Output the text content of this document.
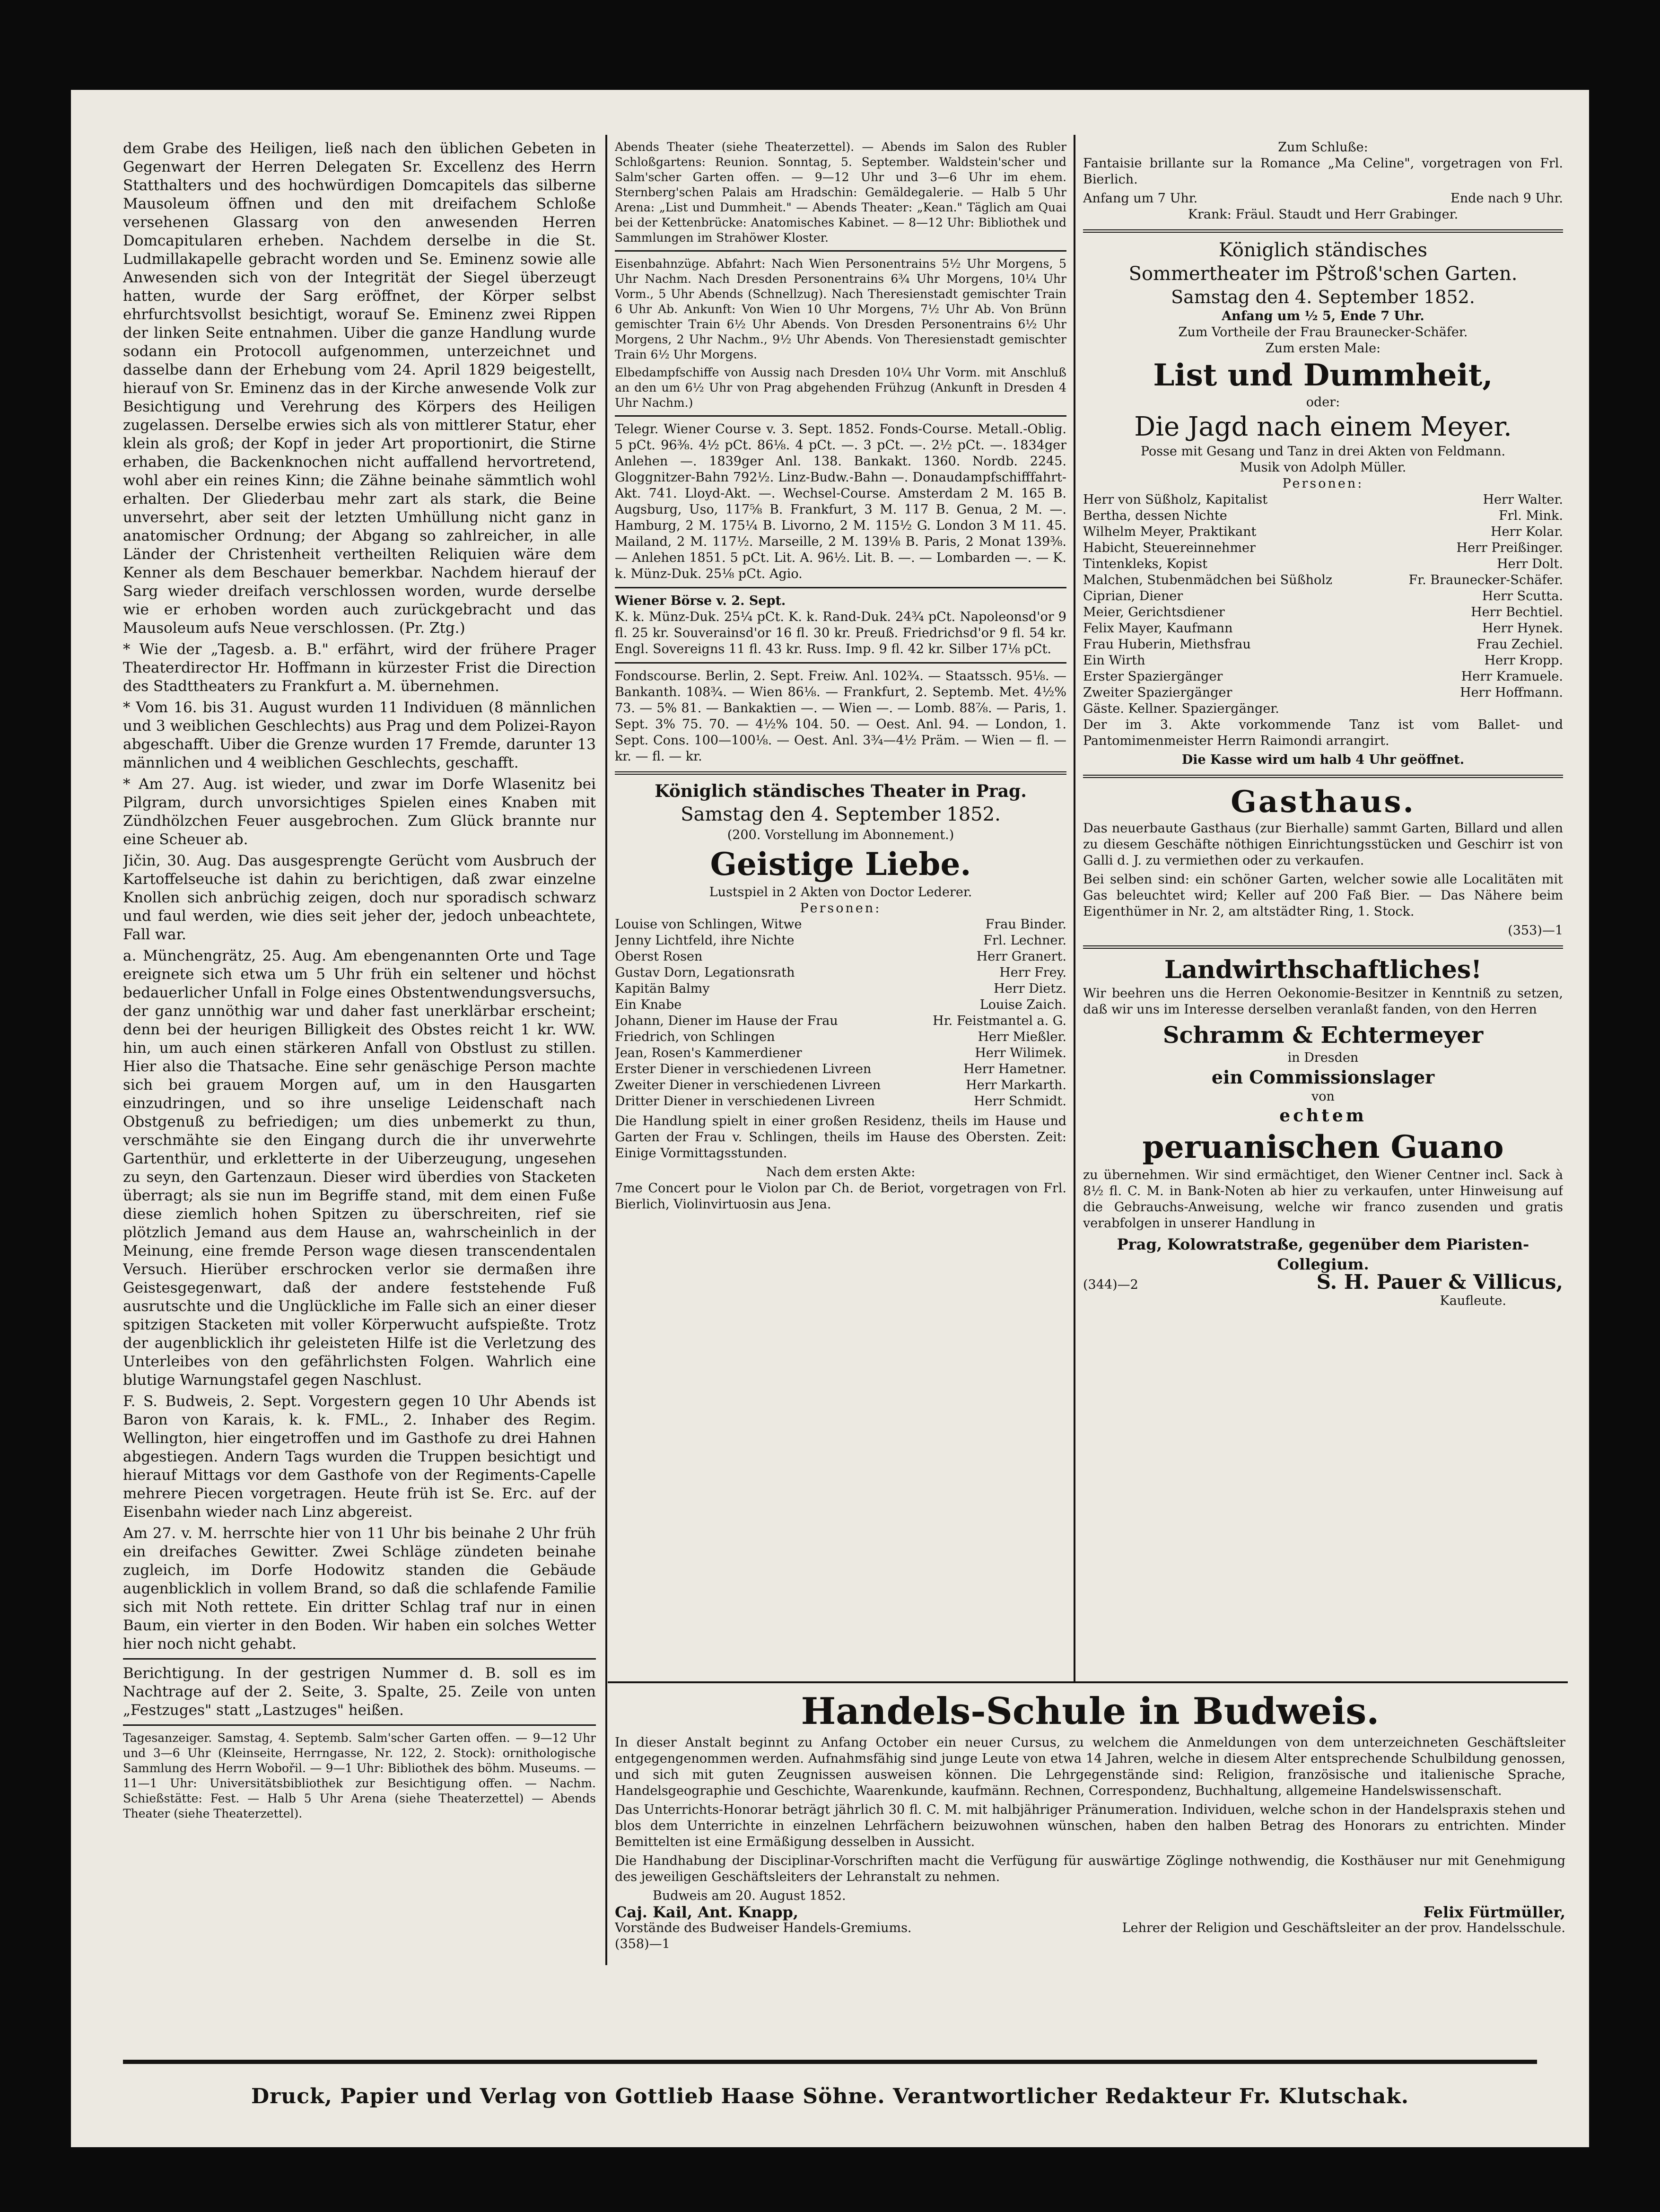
dem Grabe des Heiligen, ließ nach den üblichen Gebeten in Gegenwart der Herren Delegaten Sr. Excellenz des Herrn Statthalters und des hochwürdigen Domcapitels das silberne Mausoleum öffnen und den mit dreifachem Schloße versehenen Glassarg von den anwesenden Herren Domcapitularen erheben. Nachdem derselbe in die St. Ludmillakapelle gebracht worden und Se. Eminenz sowie alle Anwesenden sich von der Integrität der Siegel überzeugt hatten, wurde der Sarg eröffnet, der Körper selbst ehrfurchtsvollst besichtigt, worauf Se. Eminenz zwei Rippen der linken Seite entnahmen. Uiber die ganze Handlung wurde sodann ein Protocoll aufgenommen, unterzeichnet und dasselbe dann der Erhebung vom 24. April 1829 beigestellt, hierauf von Sr. Eminenz das in der Kirche anwesende Volk zur Besichtigung und Verehrung des Körpers des Heiligen zugelassen. Derselbe erwies sich als von mittlerer Statur, eher klein als groß; der Kopf in jeder Art proportionirt, die Stirne erhaben, die Backenknochen nicht auffallend hervortretend, wohl aber ein reines Kinn; die Zähne beinahe sämmtlich wohl erhalten. Der Gliederbau mehr zart als stark, die Beine unversehrt, aber seit der letzten Umhüllung nicht ganz in anatomischer Ordnung; der Abgang so zahlreicher, in alle Länder der Christenheit vertheilten Reliquien wäre dem Kenner als dem Beschauer bemerkbar. Nachdem hierauf der Sarg wieder dreifach verschlossen worden, wurde derselbe wie er erhoben worden auch zurückgebracht und das Mausoleum aufs Neue verschlossen. (Pr. Ztg.)

* Wie der „Tagesb. a. B." erfährt, wird der frühere Prager Theaterdirector Hr. Hoffmann in kürzester Frist die Direction des Stadttheaters zu Frankfurt a. M. übernehmen.

* Vom 16. bis 31. August wurden 11 Individuen (8 männlichen und 3 weiblichen Geschlechts) aus Prag und dem Polizei-Rayon abgeschafft. Uiber die Grenze wurden 17 Fremde, darunter 13 männlichen und 4 weiblichen Geschlechts, geschafft.

* Am 27. Aug. ist wieder, und zwar im Dorfe Wlasenitz bei Pilgram, durch unvorsichtiges Spielen eines Knaben mit Zündhölzchen Feuer ausgebrochen. Zum Glück brannte nur eine Scheuer ab.

Jičin, 30. Aug. Das ausgesprengte Gerücht vom Ausbruch der Kartoffelseuche ist dahin zu berichtigen, daß zwar einzelne Knollen sich anbrüchig zeigen, doch nur sporadisch schwarz und faul werden, wie dies seit jeher der, jedoch unbeachtete, Fall war.

a. Münchengrätz, 25. Aug. Am ebengenannten Orte und Tage ereignete sich etwa um 5 Uhr früh ein seltener und höchst bedauerlicher Unfall in Folge eines Obstentwendungsversuchs, der ganz unnöthig war und daher fast unerklärbar erscheint; denn bei der heurigen Billigkeit des Obstes reicht 1 kr. WW. hin, um auch einen stärkeren Anfall von Obstlust zu stillen. Hier also die Thatsache. Eine sehr genäschige Person machte sich bei grauem Morgen auf, um in den Hausgarten einzudringen, und so ihre unselige Leidenschaft nach Obstgenuß zu befriedigen; um dies unbemerkt zu thun, verschmähte sie den Eingang durch die ihr unverwehrte Gartenthür, und erkletterte in der Uiberzeugung, ungesehen zu seyn, den Gartenzaun. Dieser wird überdies von Stacketen überragt; als sie nun im Begriffe stand, mit dem einen Fuße diese ziemlich hohen Spitzen zu überschreiten, rief sie plötzlich Jemand aus dem Hause an, wahrscheinlich in der Meinung, eine fremde Person wage diesen transcendentalen Versuch. Hierüber erschrocken verlor sie dermaßen ihre Geistesgegenwart, daß der andere feststehende Fuß ausrutschte und die Unglückliche im Falle sich an einer dieser spitzigen Stacketen mit voller Körperwucht aufspießte. Trotz der augenblicklich ihr geleisteten Hilfe ist die Verletzung des Unterleibes von den gefährlichsten Folgen. Wahrlich eine blutige Warnungstafel gegen Naschlust.

F. S. Budweis, 2. Sept. Vorgestern gegen 10 Uhr Abends ist Baron von Karais, k. k. FML., 2. Inhaber des Regim. Wellington, hier eingetroffen und im Gasthofe zu drei Hahnen abgestiegen. Andern Tags wurden die Truppen besichtigt und hierauf Mittags vor dem Gasthofe von der Regiments-Capelle mehrere Piecen vorgetragen. Heute früh ist Se. Erc. auf der Eisenbahn wieder nach Linz abgereist.

Am 27. v. M. herrschte hier von 11 Uhr bis beinahe 2 Uhr früh ein dreifaches Gewitter. Zwei Schläge zündeten beinahe zugleich, im Dorfe Hodowitz standen die Gebäude augenblicklich in vollem Brand, so daß die schlafende Familie sich mit Noth rettete. Ein dritter Schlag traf nur in einen Baum, ein vierter in den Boden. Wir haben ein solches Wetter hier noch nicht gehabt.

Berichtigung. In der gestrigen Nummer d. B. soll es im Nachtrage auf der 2. Seite, 3. Spalte, 25. Zeile von unten „Festzuges" statt „Lastzuges" heißen.

Tagesanzeiger. Samstag, 4. Septemb. Salm'scher Garten offen. — 9—12 Uhr und 3—6 Uhr (Kleinseite, Herrngasse, Nr. 122, 2. Stock): ornithologische Sammlung des Herrn Wobořil. — 9—1 Uhr: Bibliothek des böhm. Museums. — 11—1 Uhr: Universitätsbibliothek zur Besichtigung offen. — Nachm. Schießstätte: Fest. — Halb 5 Uhr Arena (siehe Theaterzettel) — Abends Theater (siehe Theaterzettel).

Abends Theater (siehe Theaterzettel). — Abends im Salon des Rubler Schloßgartens: Reunion. Sonntag, 5. September. Waldstein'scher und Salm'scher Garten offen. — 9—12 Uhr und 3—6 Uhr im ehem. Sternberg'schen Palais am Hradschin: Gemäldegalerie. — Halb 5 Uhr Arena: „List und Dummheit." — Abends Theater: „Kean." Täglich am Quai bei der Kettenbrücke: Anatomisches Kabinet. — 8—12 Uhr: Bibliothek und Sammlungen im Strahöwer Kloster.

Eisenbahnzüge. Abfahrt: Nach Wien Personentrains 5½ Uhr Morgens, 5 Uhr Nachm. Nach Dresden Personentrains 6¾ Uhr Morgens, 10¼ Uhr Vorm., 5 Uhr Abends (Schnellzug). Nach Theresienstadt gemischter Train 6 Uhr Ab. Ankunft: Von Wien 10 Uhr Morgens, 7½ Uhr Ab. Von Brünn gemischter Train 6½ Uhr Abends. Von Dresden Personentrains 6½ Uhr Morgens, 2 Uhr Nachm., 9½ Uhr Abends. Von Theresienstadt gemischter Train 6½ Uhr Morgens.

Elbedampfschiffe von Aussig nach Dresden 10¼ Uhr Vorm. mit Anschluß an den um 6½ Uhr von Prag abgehenden Frühzug (Ankunft in Dresden 4 Uhr Nachm.)

Telegr. Wiener Course v. 3. Sept. 1852. Fonds-Course. Metall.-Oblig. 5 pCt. 96⅜. 4½ pCt. 86⅛. 4 pCt. —. 3 pCt. —. 2½ pCt. —. 1834ger Anlehen —. 1839ger Anl. 138. Bankakt. 1360. Nordb. 2245. Gloggnitzer-Bahn 792½. Linz-Budw.-Bahn —. Donaudampfschifffahrt-Akt. 741. Lloyd-Akt. —. Wechsel-Course. Amsterdam 2 M. 165 B. Augsburg, Uso, 117⅝ B. Frankfurt, 3 M. 117 B. Genua, 2 M. —. Hamburg, 2 M. 175¼ B. Livorno, 2 M. 115½ G. London 3 M 11. 45. Mailand, 2 M. 117½. Marseille, 2 M. 139⅛ B. Paris, 2 Monat 139⅜. — Anlehen 1851. 5 pCt. Lit. A. 96½. Lit. B. —. — Lombarden —. — K. k. Münz-Duk. 25⅛ pCt. Agio.

Wiener Börse v. 2. Sept.

K. k. Münz-Duk. 25¼ pCt. K. k. Rand-Duk. 24¾ pCt. Napoleonsd'or 9 fl. 25 kr. Souverainsd'or 16 fl. 30 kr. Preuß. Friedrichsd'or 9 fl. 54 kr. Engl. Sovereigns 11 fl. 43 kr. Russ. Imp. 9 fl. 42 kr. Silber 17⅛ pCt.

Fondscourse. Berlin, 2. Sept. Freiw. Anl. 102¾. — Staatssch. 95⅛. — Bankanth. 108¾. — Wien 86⅛. — Frankfurt, 2. Septemb. Met. 4½% 73. — 5% 81. — Bankaktien —. — Wien —. — Lomb. 88⅞. — Paris, 1. Sept. 3% 75. 70. — 4½% 104. 50. — Oest. Anl. 94. — London, 1. Sept. Cons. 100—100⅛. — Oest. Anl. 3¾—4½ Präm. — Wien — fl. — kr. — fl. — kr.

Königlich ständisches Theater in Prag.
Samstag den 4. September 1852.
(200. Vorstellung im Abonnement.)
Geistige Liebe.
Lustspiel in 2 Akten von Doctor Lederer.
Personen:
Louise von Schlingen, Witwe	Frau Binder.
Jenny Lichtfeld, ihre Nichte	Frl. Lechner.
Oberst Rosen	Herr Granert.
Gustav Dorn, Legationsrath	Herr Frey.
Kapitän Balmy	Herr Dietz.
Ein Knabe	Louise Zaich.
Johann, Diener im Hause der Frau	Hr. Feistmantel a. G.
Friedrich, von Schlingen	Herr Mießler.
Jean, Rosen's Kammerdiener	Herr Wilimek.
Erster Diener in verschiedenen Livreen	Herr Hametner.
Zweiter Diener in verschiedenen Livreen	Herr Markarth.
Dritter Diener in verschiedenen Livreen	Herr Schmidt.

Die Handlung spielt in einer großen Residenz, theils im Hause und Garten der Frau v. Schlingen, theils im Hause des Obersten. Zeit: Einige Vormittagsstunden.

Nach dem ersten Akte:

7me Concert pour le Violon par Ch. de Beriot, vorgetragen von Frl. Bierlich, Violinvirtuosin aus Jena.

Zum Schluße:

Fantaisie brillante sur la Romance „Ma Celine", vorgetragen von Frl. Bierlich.

Anfang um 7 Uhr.	Ende nach 9 Uhr.
Krank: Fräul. Staudt und Herr Grabinger.
Königlich ständisches
Sommertheater im Pštroß'schen Garten.
Samstag den 4. September 1852.
Anfang um ½ 5, Ende 7 Uhr.
Zum Vortheile der Frau Braunecker-Schäfer.
Zum ersten Male:
List und Dummheit,
oder:
Die Jagd nach einem Meyer.
Posse mit Gesang und Tanz in drei Akten von Feldmann.
Musik von Adolph Müller.
Personen:
Herr von Süßholz, Kapitalist	Herr Walter.
Bertha, dessen Nichte	Frl. Mink.
Wilhelm Meyer, Praktikant	Herr Kolar.
Habicht, Steuereinnehmer	Herr Preißinger.
Tintenkleks, Kopist	Herr Dolt.
Malchen, Stubenmädchen bei Süßholz	Fr. Braunecker-Schäfer.
Ciprian, Diener	Herr Scutta.
Meier, Gerichtsdiener	Herr Bechtiel.
Felix Mayer, Kaufmann	Herr Hynek.
Frau Huberin, Miethsfrau	Frau Zechiel.
Ein Wirth	Herr Kropp.
Erster Spaziergänger	Herr Kramuele.
Zweiter Spaziergänger	Herr Hoffmann.
Gäste. Kellner. Spaziergänger.

Der im 3. Akte vorkommende Tanz ist vom Ballet- und Pantomimenmeister Herrn Raimondi arrangirt.

Die Kasse wird um halb 4 Uhr geöffnet.
Gasthaus.

Das neuerbaute Gasthaus (zur Bierhalle) sammt Garten, Billard und allen zu diesem Geschäfte nöthigen Einrichtungsstücken und Geschirr ist von Galli d. J. zu vermiethen oder zu verkaufen.

Bei selben sind: ein schöner Garten, welcher sowie alle Localitäten mit Gas beleuchtet wird; Keller auf 200 Faß Bier. — Das Nähere beim Eigenthümer in Nr. 2, am altstädter Ring, 1. Stock.

(353)—1
Landwirthschaftliches!

Wir beehren uns die Herren Oekonomie-Besitzer in Kenntniß zu setzen, daß wir uns im Interesse derselben veranlaßt fanden, von den Herren

Schramm & Echtermeyer
in Dresden
ein Commissionslager
von
echtem
peruanischen Guano

zu übernehmen. Wir sind ermächtiget, den Wiener Centner incl. Sack à 8½ fl. C. M. in Bank-Noten ab hier zu verkaufen, unter Hinweisung auf die Gebrauchs-Anweisung, welche wir franco zusenden und gratis verabfolgen in unserer Handlung in

Prag, Kolowratstraße, gegenüber dem Piaristen-Collegium.
(344)—2	S. H. Pauer & Villicus,
Kaufleute.
Handels-Schule in Budweis.

In dieser Anstalt beginnt zu Anfang October ein neuer Cursus, zu welchem die Anmeldungen von dem unterzeichneten Geschäftsleiter entgegengenommen werden. Aufnahmsfähig sind junge Leute von etwa 14 Jahren, welche in diesem Alter entsprechende Schulbildung genossen, und sich mit guten Zeugnissen ausweisen können. Die Lehrgegenstände sind: Religion, französische und italienische Sprache, Handelsgeographie und Geschichte, Waarenkunde, kaufmänn. Rechnen, Correspondenz, Buchhaltung, allgemeine Handelswissenschaft.

Das Unterrichts-Honorar beträgt jährlich 30 fl. C. M. mit halbjähriger Pränumeration. Individuen, welche schon in der Handelspraxis stehen und blos dem Unterrichte in einzelnen Lehrfächern beizuwohnen wünschen, haben den halben Betrag des Honorars zu entrichten. Minder Bemittelten ist eine Ermäßigung desselben in Aussicht.

Die Handhabung der Disciplinar-Vorschriften macht die Verfügung für auswärtige Zöglinge nothwendig, die Kosthäuser nur mit Genehmigung des jeweiligen Geschäftsleiters der Lehranstalt zu nehmen.

Budweis am 20. August 1852.
Caj. Kail, Ant. Knapp,
Vorstände des Budweiser Handels-Gremiums.
(358)—1
Felix Fürtmüller,
Lehrer der Religion und Geschäftsleiter an der prov. Handelsschule.
Druck, Papier und Verlag von Gottlieb Haase Söhne. Verantwortlicher Redakteur Fr. Klutschak.
